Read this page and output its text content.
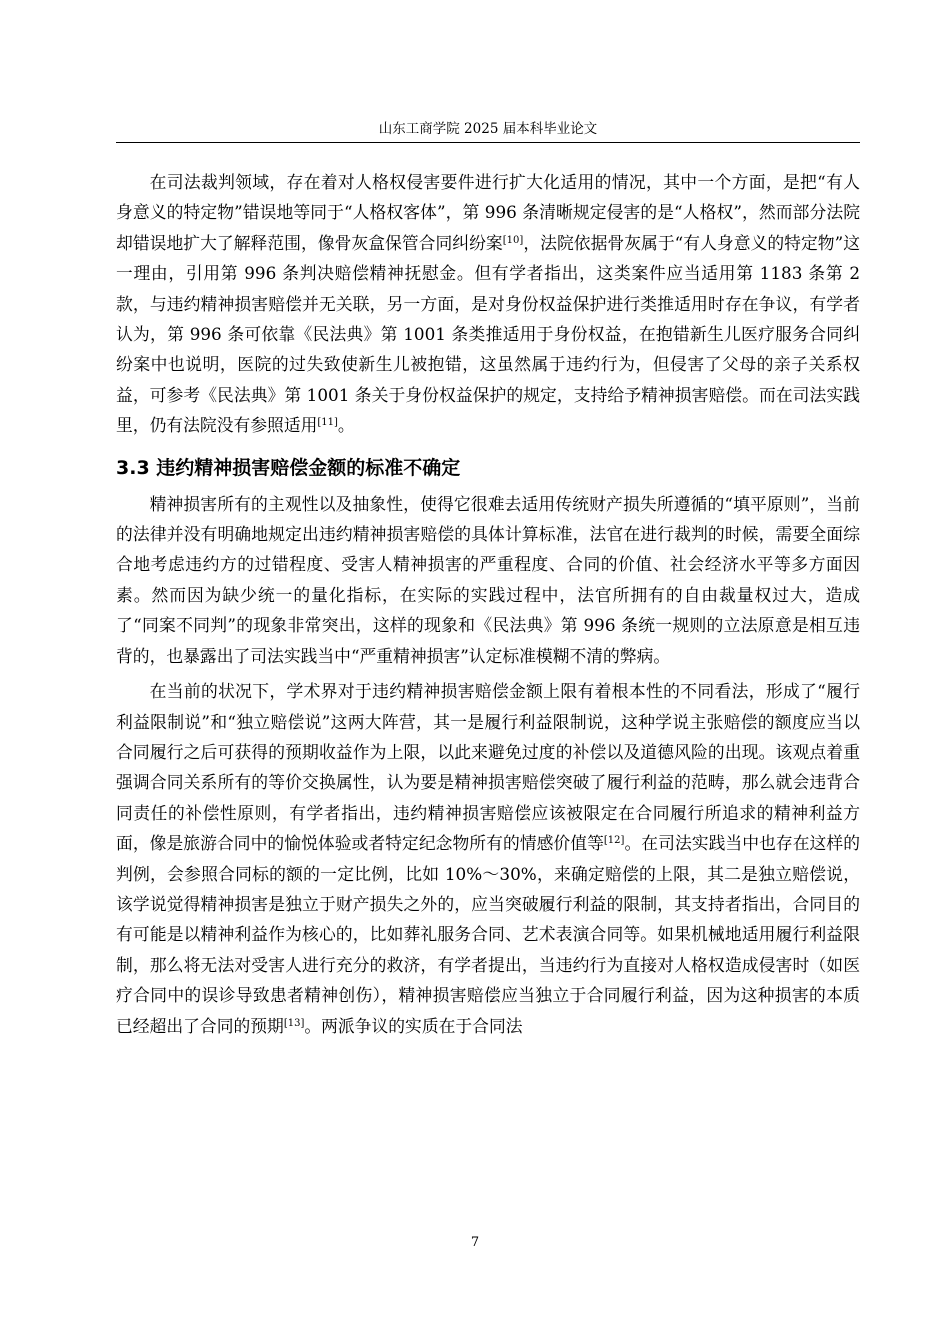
山东工商学院 2025 届本科毕业论文

在司法裁判领域，存在着对人格权侵害要件进行扩大化适用的情况，其中一个方面，是把“有人身意义的特定物”错误地等同于“人格权客体”，第 996 条清晰规定侵害的是“人格权”，然而部分法院却错误地扩大了解释范围，像骨灰盒保管合同纠纷案[10]，法院依据骨灰属于“有人身意义的特定物”这一理由，引用第 996 条判决赔偿精神抚慰金。但有学者指出，这类案件应当适用第 1183 条第 2 款，与违约精神损害赔偿并无关联，另一方面，是对身份权益保护进行类推适用时存在争议，有学者认为，第 996 条可依靠《民法典》第 1001 条类推适用于身份权益，在抱错新生儿医疗服务合同纠纷案中也说明，医院的过失致使新生儿被抱错，这虽然属于违约行为，但侵害了父母的亲子关系权益，可参考《民法典》第 1001 条关于身份权益保护的规定，支持给予精神损害赔偿。而在司法实践里，仍有法院没有参照适用[11]。

3.3 违约精神损害赔偿金额的标准不确定

精神损害所有的主观性以及抽象性，使得它很难去适用传统财产损失所遵循的“填平原则”，当前的法律并没有明确地规定出违约精神损害赔偿的具体计算标准，法官在进行裁判的时候，需要全面综合地考虑违约方的过错程度、受害人精神损害的严重程度、合同的价值、社会经济水平等多方面因素。然而因为缺少统一的量化指标，在实际的实践过程中，法官所拥有的自由裁量权过大，造成了“同案不同判”的现象非常突出，这样的现象和《民法典》第 996 条统一规则的立法原意是相互违背的，也暴露出了司法实践当中“严重精神损害”认定标准模糊不清的弊病。

在当前的状况下，学术界对于违约精神损害赔偿金额上限有着根本性的不同看法，形成了“履行利益限制说”和“独立赔偿说”这两大阵营，其一是履行利益限制说，这种学说主张赔偿的额度应当以合同履行之后可获得的预期收益作为上限，以此来避免过度的补偿以及道德风险的出现。该观点着重强调合同关系所有的等价交换属性，认为要是精神损害赔偿突破了履行利益的范畴，那么就会违背合同责任的补偿性原则，有学者指出，违约精神损害赔偿应该被限定在合同履行所追求的精神利益方面，像是旅游合同中的愉悦体验或者特定纪念物所有的情感价值等[12]。在司法实践当中也存在这样的判例，会参照合同标的额的一定比例，比如 10%～30%，来确定赔偿的上限，其二是独立赔偿说，该学说觉得精神损害是独立于财产损失之外的，应当突破履行利益的限制，其支持者指出，合同目的有可能是以精神利益作为核心的，比如葬礼服务合同、艺术表演合同等。如果机械地适用履行利益限制，那么将无法对受害人进行充分的救济，有学者提出，当违约行为直接对人格权造成侵害时（如医疗合同中的误诊导致患者精神创伤），精神损害赔偿应当独立于合同履行利益，因为这种损害的本质已经超出了合同的预期[13]。两派争议的实质在于合同法

7
